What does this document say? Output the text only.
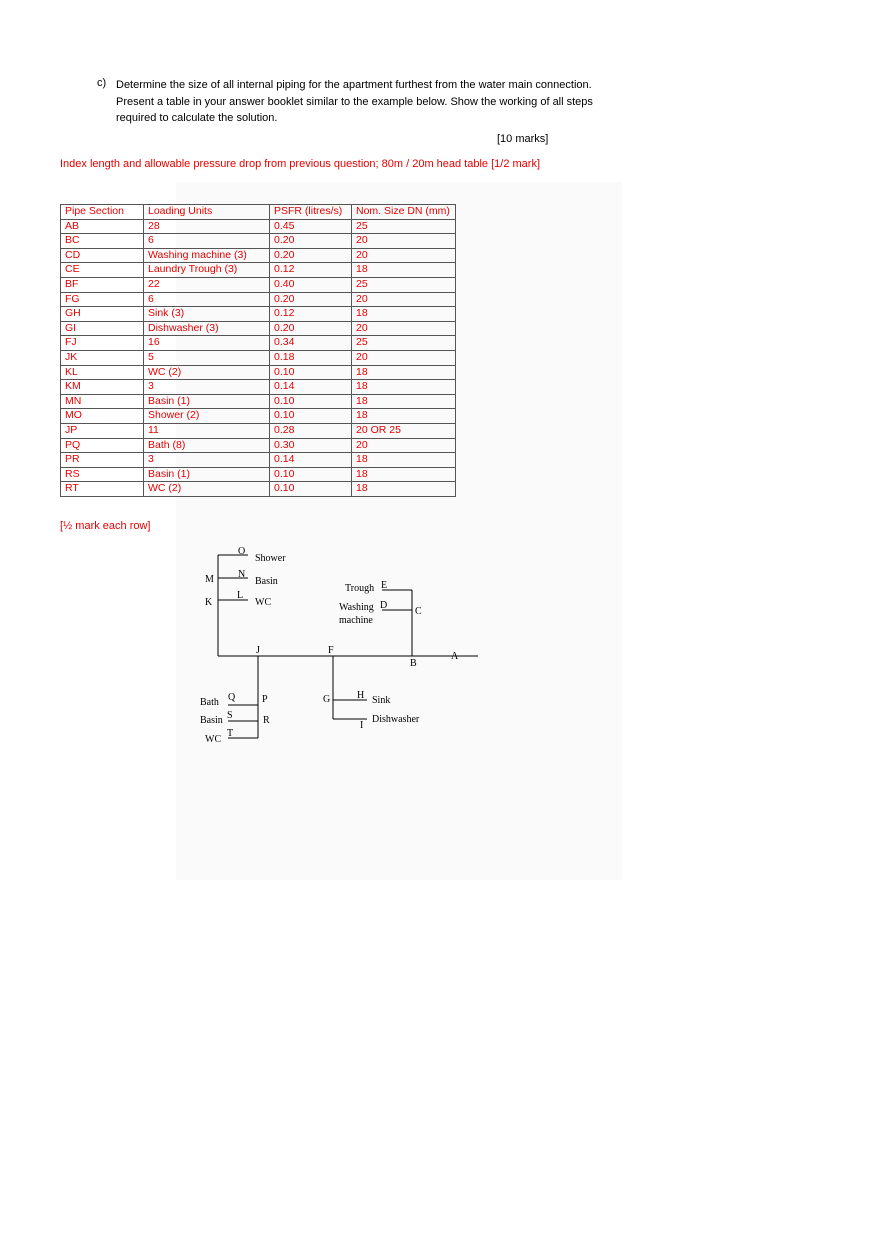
c) Determine the size of all internal piping for the apartment furthest from the water main connection. Present a table in your answer booklet similar to the example below. Show the working of all steps required to calculate the solution.
[10 marks]
Index length and allowable pressure drop from previous question; 80m / 20m head table [1/2 mark]
Pipe Section	Loading Units	PSFR (litres/s)	Nom. Size DN (mm)
AB	28	0.45	25
BC	6	0.20	20
CD	Washing machine (3)	0.20	20
CE	Laundry Trough (3)	0.12	18
BF	22	0.40	25
FG	6	0.20	20
GH	Sink (3)	0.12	18
GI	Dishwasher (3)	0.20	20
FJ	16	0.34	25
JK	5	0.18	20
KL	WC (2)	0.10	18
KM	3	0.14	18
MN	Basin (1)	0.10	18
MO	Shower (2)	0.10	18
JP	11	0.28	20 OR 25
PQ	Bath (8)	0.30	20
PR	3	0.14	18
RS	Basin (1)	0.10	18
RT	WC (2)	0.10	18
[½ mark each row]
O
N
L
M
K
J	F
B
A
E
D
C
G	H
I
Q	P
S	R
T
Shower
Basin
WC
Trough
Washing
machine
Sink
Dishwasher
Bath
Basin
WC
